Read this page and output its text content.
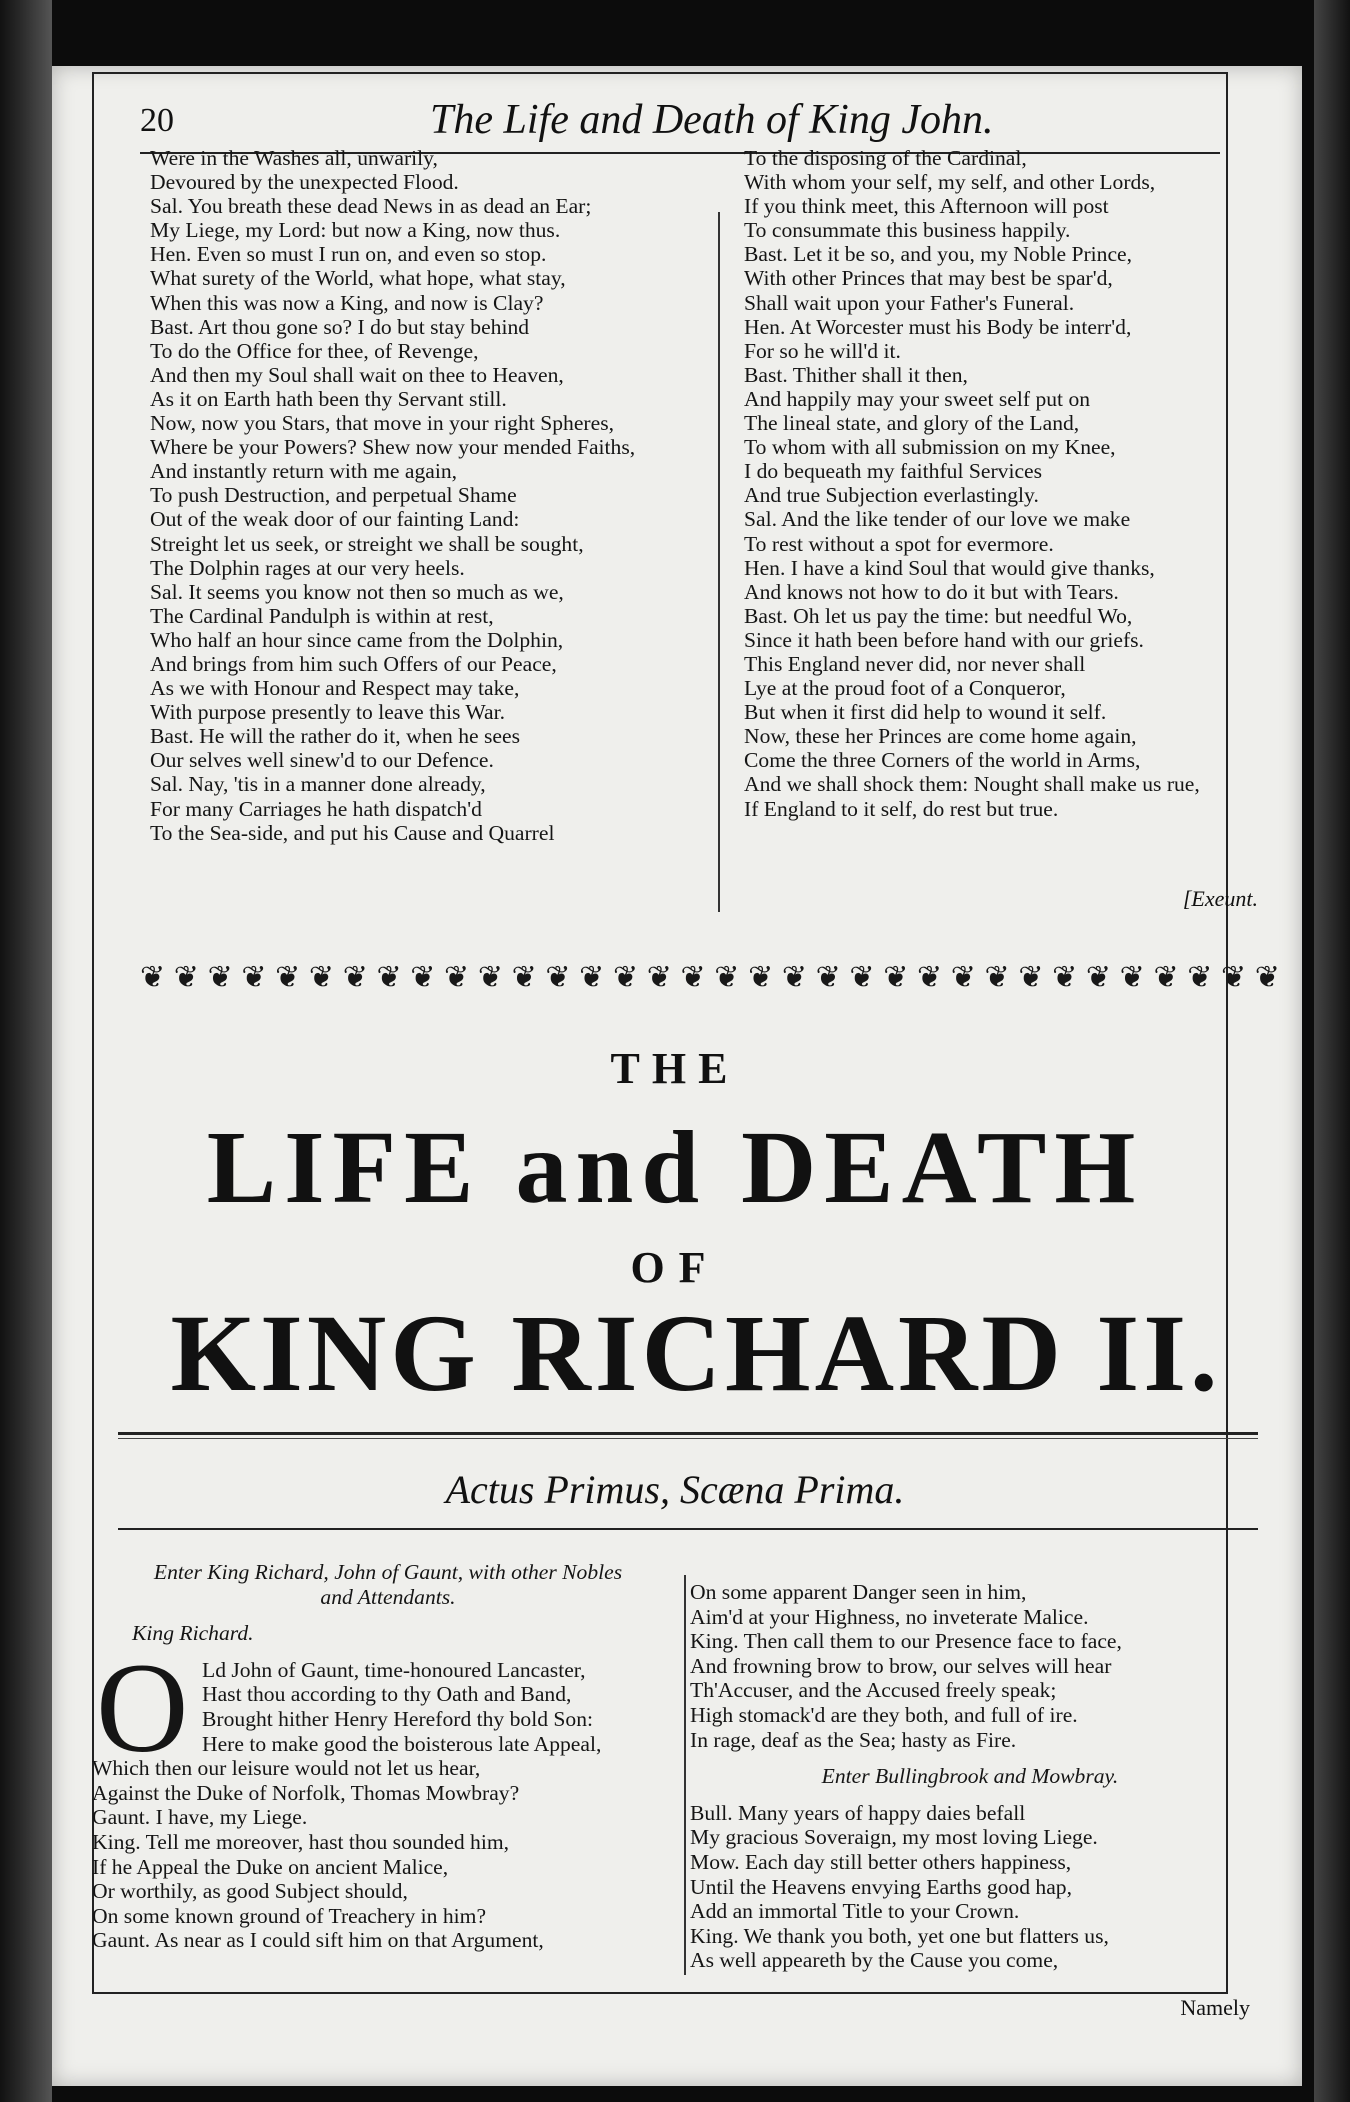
20	The Life and Death of King John.
Were in the Washes all, unwarily,
Devoured by the unexpected Flood.
Sal. You breath these dead News in as dead an Ear;
My Liege, my Lord: but now a King, now thus.
Hen. Even so must I run on, and even so stop.
What surety of the World, what hope, what stay,
When this was now a King, and now is Clay?
Bast. Art thou gone so? I do but stay behind
To do the Office for thee, of Revenge,
And then my Soul shall wait on thee to Heaven,
As it on Earth hath been thy Servant still.
Now, now you Stars, that move in your right Spheres,
Where be your Powers? Shew now your mended Faiths,
And instantly return with me again,
To push Destruction, and perpetual Shame
Out of the weak door of our fainting Land:
Streight let us seek, or streight we shall be sought,
The Dolphin rages at our very heels.
Sal. It seems you know not then so much as we,
The Cardinal Pandulph is within at rest,
Who half an hour since came from the Dolphin,
And brings from him such Offers of our Peace,
As we with Honour and Respect may take,
With purpose presently to leave this War.
Bast. He will the rather do it, when he sees
Our selves well sinew'd to our Defence.
Sal. Nay, 'tis in a manner done already,
For many Carriages he hath dispatch'd
To the Sea-side, and put his Cause and Quarrel
To the disposing of the Cardinal,
With whom your self, my self, and other Lords,
If you think meet, this Afternoon will post
To consummate this business happily.
Bast. Let it be so, and you, my Noble Prince,
With other Princes that may best be spar'd,
Shall wait upon your Father's Funeral.
Hen. At Worcester must his Body be interr'd,
For so he will'd it.
Bast. Thither shall it then,
And happily may your sweet self put on
The lineal state, and glory of the Land,
To whom with all submission on my Knee,
I do bequeath my faithful Services
And true Subjection everlastingly.
Sal. And the like tender of our love we make
To rest without a spot for evermore.
Hen. I have a kind Soul that would give thanks,
And knows not how to do it but with Tears.
Bast. Oh let us pay the time: but needful Wo,
Since it hath been before hand with our griefs.
This England never did, nor never shall
Lye at the proud foot of a Conqueror,
But when it first did help to wound it self.
Now, these her Princes are come home again,
Come the three Corners of the world in Arms,
And we shall shock them: Nought shall make us rue,
If England to it self, do rest but true.
[Exeunt.
❦ ❦ ❦ ❦ ❦ ❦ ❦ ❦ ❦ ❦ ❦ ❦ ❦ ❦ ❦ ❦ ❦ ❦ ❦ ❦ ❦ ❦ ❦ ❦ ❦ ❦ ❦ ❦ ❦ ❦ ❦ ❦ ❦ ❦
THE
LIFE and DEATH
OF
KING RICHARD II.
Actus Primus, Scæna Prima.
Enter King Richard, John of Gaunt, with other Nobles
and Attendants.
King Richard.
O Ld John of Gaunt, time-honoured Lancaster,
Hast thou according to thy Oath and Band,
Brought hither Henry Hereford thy bold Son:
Here to make good the boisterous late Appeal,
Which then our leisure would not let us hear,
Against the Duke of Norfolk, Thomas Mowbray?
Gaunt. I have, my Liege.
King. Tell me moreover, hast thou sounded him,
If he Appeal the Duke on ancient Malice,
Or worthily, as good Subject should,
On some known ground of Treachery in him?
Gaunt. As near as I could sift him on that Argument,
On some apparent Danger seen in him,
Aim'd at your Highness, no inveterate Malice.
King. Then call them to our Presence face to face,
And frowning brow to brow, our selves will hear
Th'Accuser, and the Accused freely speak;
High stomack'd are they both, and full of ire.
In rage, deaf as the Sea; hasty as Fire.
Enter Bullingbrook and Mowbray.
Bull. Many years of happy daies befall
My gracious Soveraign, my most loving Liege.
Mow. Each day still better others happiness,
Until the Heavens envying Earths good hap,
Add an immortal Title to your Crown.
King. We thank you both, yet one but flatters us,
As well appeareth by the Cause you come,
Namely
